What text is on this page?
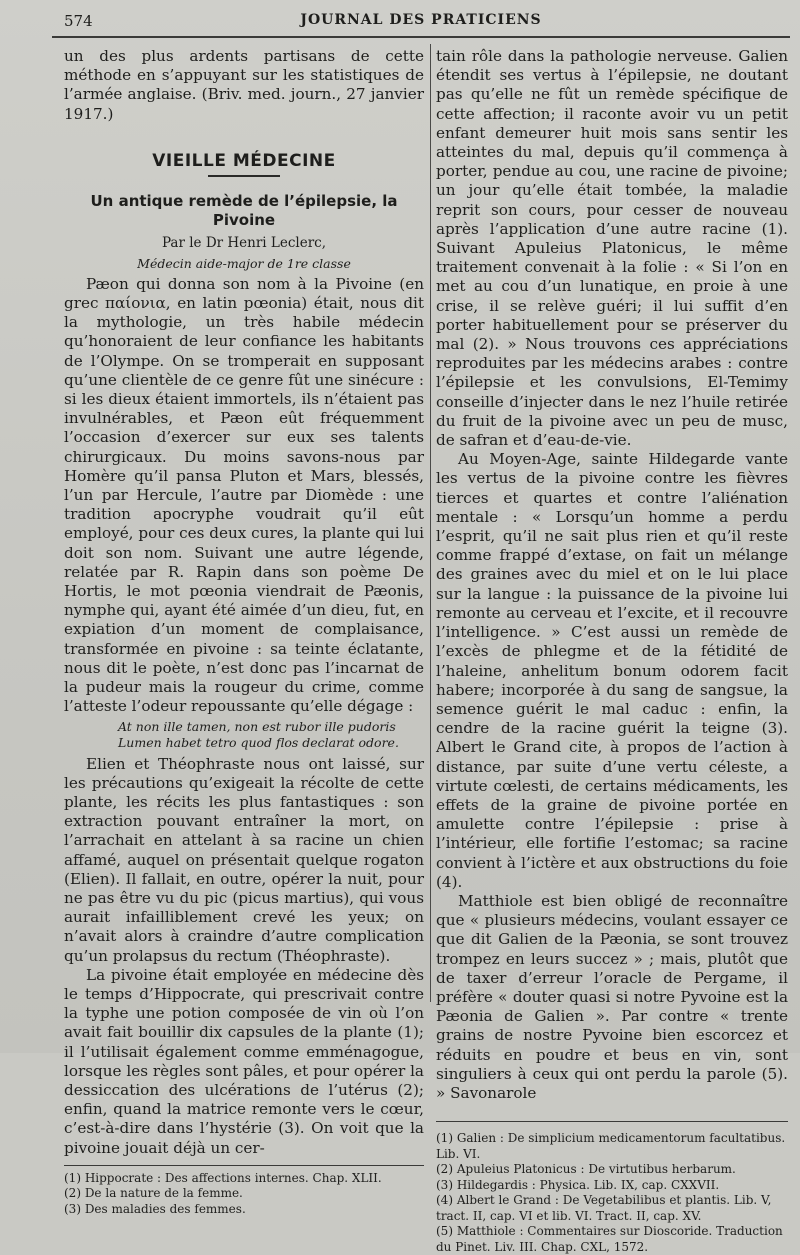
574	JOURNAL DES PRATICIENS

un des plus ardents partisans de cette méthode en s’appuyant sur les statistiques de l’armée anglaise. (Briv. med. journ., 27 janvier 1917.)

VIEILLE MÉDECINE
Un antique remède de l’épilepsie, la Pivoine
Par le Dr Henri Leclerc,
Médecin aide-major de 1re classe

Pæon qui donna son nom à la Pivoine (en grec παίονια, en latin pœonia) était, nous dit la mythologie, un très habile médecin qu’honoraient de leur confiance les habitants de l’Olympe. On se tromperait en supposant qu’une clientèle de ce genre fût une sinécure : si les dieux étaient immortels, ils n’étaient pas invulnérables, et Pæon eût fréquemment l’occasion d’exercer sur eux ses talents chirurgicaux. Du moins savons-nous par Homère qu’il pansa Pluton et Mars, blessés, l’un par Hercule, l’autre par Diomède : une tradition apocryphe voudrait qu’il eût employé, pour ces deux cures, la plante qui lui doit son nom. Suivant une autre légende, relatée par R. Rapin dans son poème De Hortis, le mot pœonia viendrait de Pæonis, nymphe qui, ayant été aimée d’un dieu, fut, en expiation d’un moment de complaisance, transformée en pivoine : sa teinte éclatante, nous dit le poète, n’est donc pas l’incarnat de la pudeur mais la rougeur du crime, comme l’atteste l’odeur repoussante qu’elle dégage :

At non ille tamen, non est rubor ille pudoris
Lumen habet tetro quod flos declarat odore.

Elien et Théophraste nous ont laissé, sur les précautions qu’exigeait la récolte de cette plante, les récits les plus fantastiques : son extraction pouvant entraîner la mort, on l’arrachait en attelant à sa racine un chien affamé, auquel on présentait quelque rogaton (Elien). Il fallait, en outre, opérer la nuit, pour ne pas être vu du pic (picus martius), qui vous aurait infailliblement crevé les yeux; on n’avait alors à craindre d’autre complication qu’un prolapsus du rectum (Théophraste).

La pivoine était employée en médecine dès le temps d’Hippocrate, qui prescrivait contre la typhe une potion composée de vin où l’on avait fait bouillir dix capsules de la plante (1); il l’utilisait également comme emménagogue, lorsque les règles sont pâles, et pour opérer la dessiccation des ulcérations de l’utérus (2); enfin, quand la matrice remonte vers le cœur, c’est-à-dire dans l’hystérie (3). On voit que la pivoine jouait déjà un cer-

(1) Hippocrate : Des affections internes. Chap. XLII.
(2) De la nature de la femme.
(3) Des maladies des femmes.

tain rôle dans la pathologie nerveuse. Galien étendit ses vertus à l’épilepsie, ne doutant pas qu’elle ne fût un remède spécifique de cette affection; il raconte avoir vu un petit enfant demeurer huit mois sans sentir les atteintes du mal, depuis qu’il commença à porter, pendue au cou, une racine de pivoine; un jour qu’elle était tombée, la maladie reprit son cours, pour cesser de nouveau après l’application d’une autre racine (1). Suivant Apuleius Platonicus, le même traitement convenait à la folie : « Si l’on en met au cou d’un lunatique, en proie à une crise, il se relève guéri; il lui suffit d’en porter habituellement pour se préserver du mal (2). » Nous trouvons ces appréciations reproduites par les médecins arabes : contre l’épilepsie et les convulsions, El-Temimy conseille d’injecter dans le nez l’huile retirée du fruit de la pivoine avec un peu de musc, de safran et d’eau-de-vie.

Au Moyen-Age, sainte Hildegarde vante les vertus de la pivoine contre les fièvres tierces et quartes et contre l’aliénation mentale : « Lorsqu’un homme a perdu l’esprit, qu’il ne sait plus rien et qu’il reste comme frappé d’extase, on fait un mélange des graines avec du miel et on le lui place sur la langue : la puissance de la pivoine lui remonte au cerveau et l’excite, et il recouvre l’intelligence. » C’est aussi un remède de l’excès de phlegme et de la fétidité de l’haleine, anhelitum bonum odorem facit habere; incorporée à du sang de sangsue, la semence guérit le mal caduc : enfin, la cendre de la racine guérit la teigne (3). Albert le Grand cite, à propos de l’action à distance, par suite d’une vertu céleste, a virtute cœlesti, de certains médicaments, les effets de la graine de pivoine portée en amulette contre l’épilepsie : prise à l’intérieur, elle fortifie l’estomac; sa racine convient à l’ictère et aux obstructions du foie (4).

Matthiole est bien obligé de reconnaître que « plusieurs médecins, voulant essayer ce que dit Galien de la Pæonia, se sont trouvez trompez en leurs succez » ; mais, plutôt que de taxer d’erreur l’oracle de Pergame, il préfère « douter quasi si notre Pyvoine est la Pæonia de Galien ». Par contre « trente grains de nostre Pyvoine bien escorcez et réduits en poudre et beus en vin, sont singuliers à ceux qui ont perdu la parole (5). » Savonarole

(1) Galien : De simplicium medicamentorum facultatibus. Lib. VI.
(2) Apuleius Platonicus : De virtutibus herbarum.
(3) Hildegardis : Physica. Lib. IX, cap. CXXVII.
(4) Albert le Grand : De Vegetabilibus et plantis. Lib. V, tract. II, cap. VI et lib. VI. Tract. II, cap. XV.
(5) Matthiole : Commentaires sur Dioscoride. Traduction du Pinet. Liv. III. Chap. CXL, 1572.
